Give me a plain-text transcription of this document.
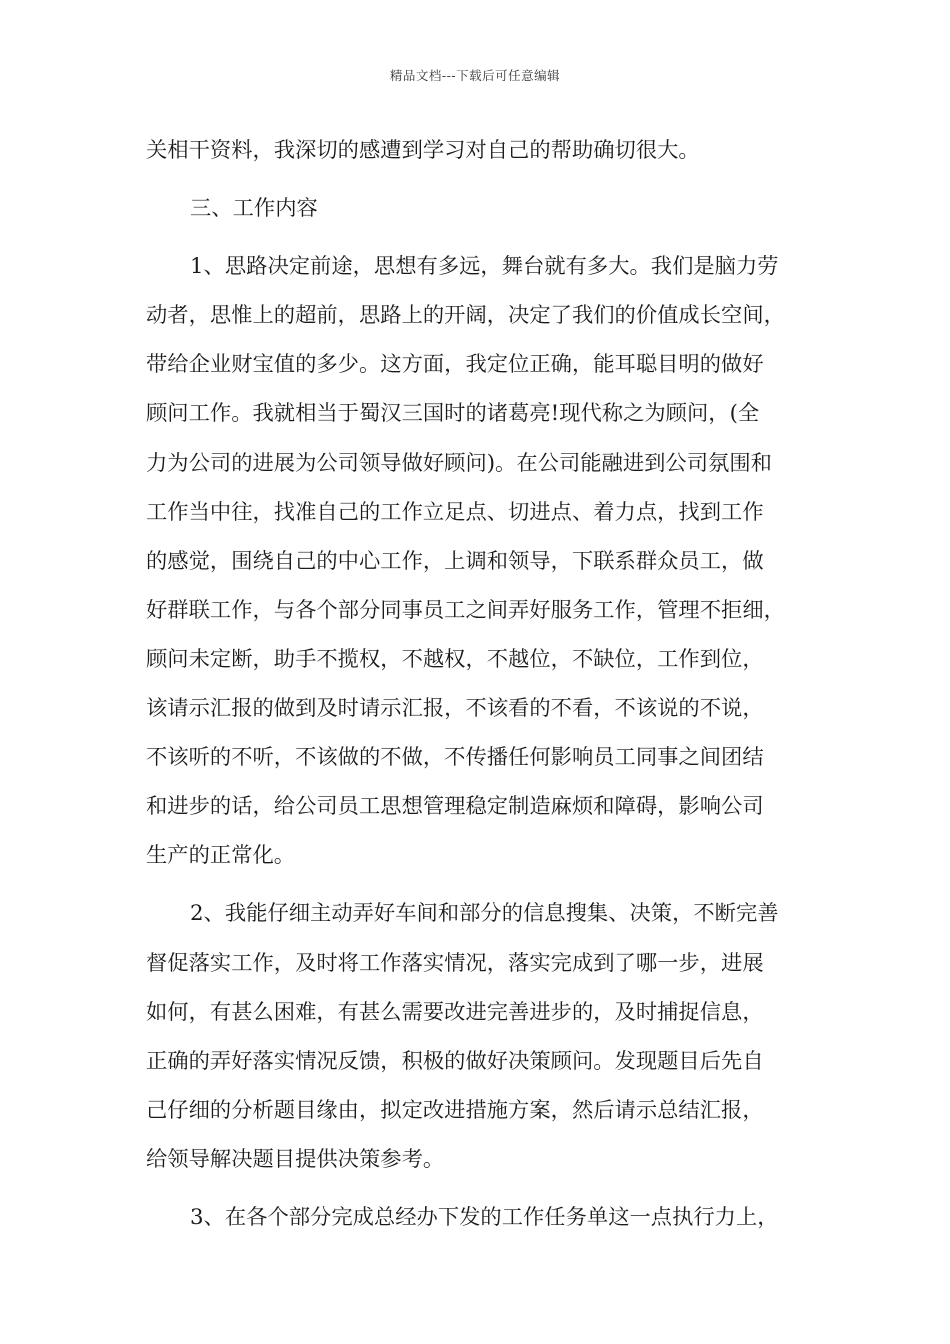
精品文档---下载后可任意编辑
关相干资料，我深切的感遭到学习对自己的帮助确切很大。
三、工作内容
1、思路决定前途，思想有多远，舞台就有多大。我们是脑力劳
动者，思惟上的超前，思路上的开阔，决定了我们的价值成长空间，
带给企业财宝值的多少。这方面，我定位正确，能耳聪目明的做好
顾问工作。我就相当于蜀汉三国时的诸葛亮!现代称之为顾问，(全
力为公司的进展为公司领导做好顾问)。在公司能融进到公司氛围和
工作当中往，找准自己的工作立足点、切进点、着力点，找到工作
的感觉，围绕自己的中心工作，上调和领导，下联系群众员工，做
好群联工作，与各个部分同事员工之间弄好服务工作，管理不拒细，
顾问未定断，助手不揽权，不越权，不越位，不缺位，工作到位，
该请示汇报的做到及时请示汇报，不该看的不看，不该说的不说，
不该听的不听，不该做的不做，不传播任何影响员工同事之间团结
和进步的话，给公司员工思想管理稳定制造麻烦和障碍，影响公司
生产的正常化。
2、我能仔细主动弄好车间和部分的信息搜集、决策，不断完善
督促落实工作，及时将工作落实情况，落实完成到了哪一步，进展
如何，有甚么困难，有甚么需要改进完善进步的，及时捕捉信息，
正确的弄好落实情况反馈，积极的做好决策顾问。发现题目后先自
己仔细的分析题目缘由，拟定改进措施方案，然后请示总结汇报，
给领导解决题目提供决策参考。
3、在各个部分完成总经办下发的工作任务单这一点执行力上，
